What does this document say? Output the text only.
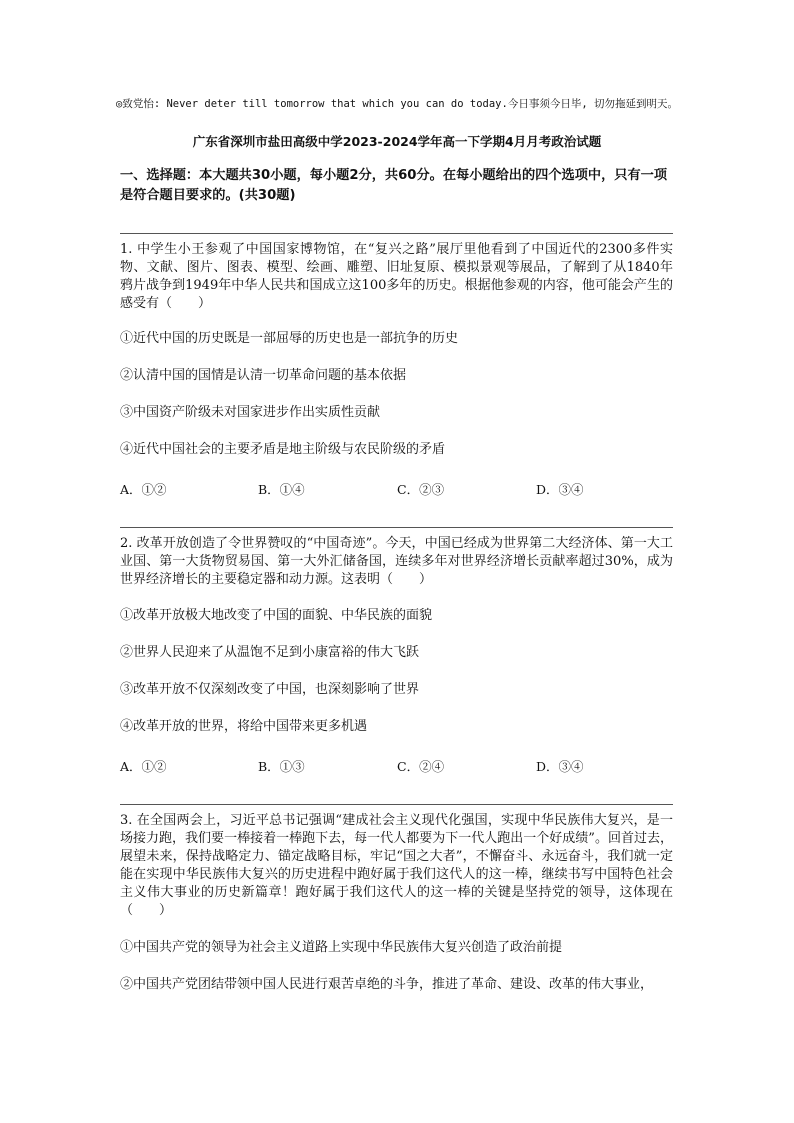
◎致党怡: Never deter till tomorrow that which you can do today.今日事须今日毕, 切勿拖延到明天。
广东省深圳市盐田高级中学2023-2024学年高一下学期4月月考政治试题
一、选择题：本大题共30小题，每小题2分，共60分。在每小题给出的四个选项中，只有一项是符合题目要求的。(共30题)
1. 中学生小王参观了中国国家博物馆，在“复兴之路”展厅里他看到了中国近代的2300多件实物、文献、图片、图表、模型、绘画、雕塑、旧址复原、模拟景观等展品，了解到了从1840年鸦片战争到1949年中华人民共和国成立这100多年的历史。根据他参观的内容，他可能会产生的感受有（　　）
①近代中国的历史既是一部屈辱的历史也是一部抗争的历史
②认清中国的国情是认清一切革命问题的基本依据
③中国资产阶级未对国家进步作出实质性贡献
④近代中国社会的主要矛盾是地主阶级与农民阶级的矛盾
A．①②	B．①④	C．②③	D．③④
2. 改革开放创造了令世界赞叹的“中国奇迹”。今天，中国已经成为世界第二大经济体、第一大工业国、第一大货物贸易国、第一大外汇储备国，连续多年对世界经济增长贡献率超过30%，成为世界经济增长的主要稳定器和动力源。这表明（　　）
①改革开放极大地改变了中国的面貌、中华民族的面貌
②世界人民迎来了从温饱不足到小康富裕的伟大飞跃
③改革开放不仅深刻改变了中国，也深刻影响了世界
④改革开放的世界，将给中国带来更多机遇
A．①②	B．①③	C．②④	D．③④
3. 在全国两会上，习近平总书记强调“建成社会主义现代化强国，实现中华民族伟大复兴，是一场接力跑，我们要一棒接着一棒跑下去，每一代人都要为下一代人跑出一个好成绩”。回首过去，展望未来，保持战略定力、锚定战略目标，牢记“国之大者”，不懈奋斗、永远奋斗，我们就一定能在实现中华民族伟大复兴的历史进程中跑好属于我们这代人的这一棒，继续书写中国特色社会主义伟大事业的历史新篇章！跑好属于我们这代人的这一棒的关键是坚持党的领导，这体现在（　　）
①中国共产党的领导为社会主义道路上实现中华民族伟大复兴创造了政治前提
②中国共产党团结带领中国人民进行艰苦卓绝的斗争，推进了革命、建设、改革的伟大事业，
